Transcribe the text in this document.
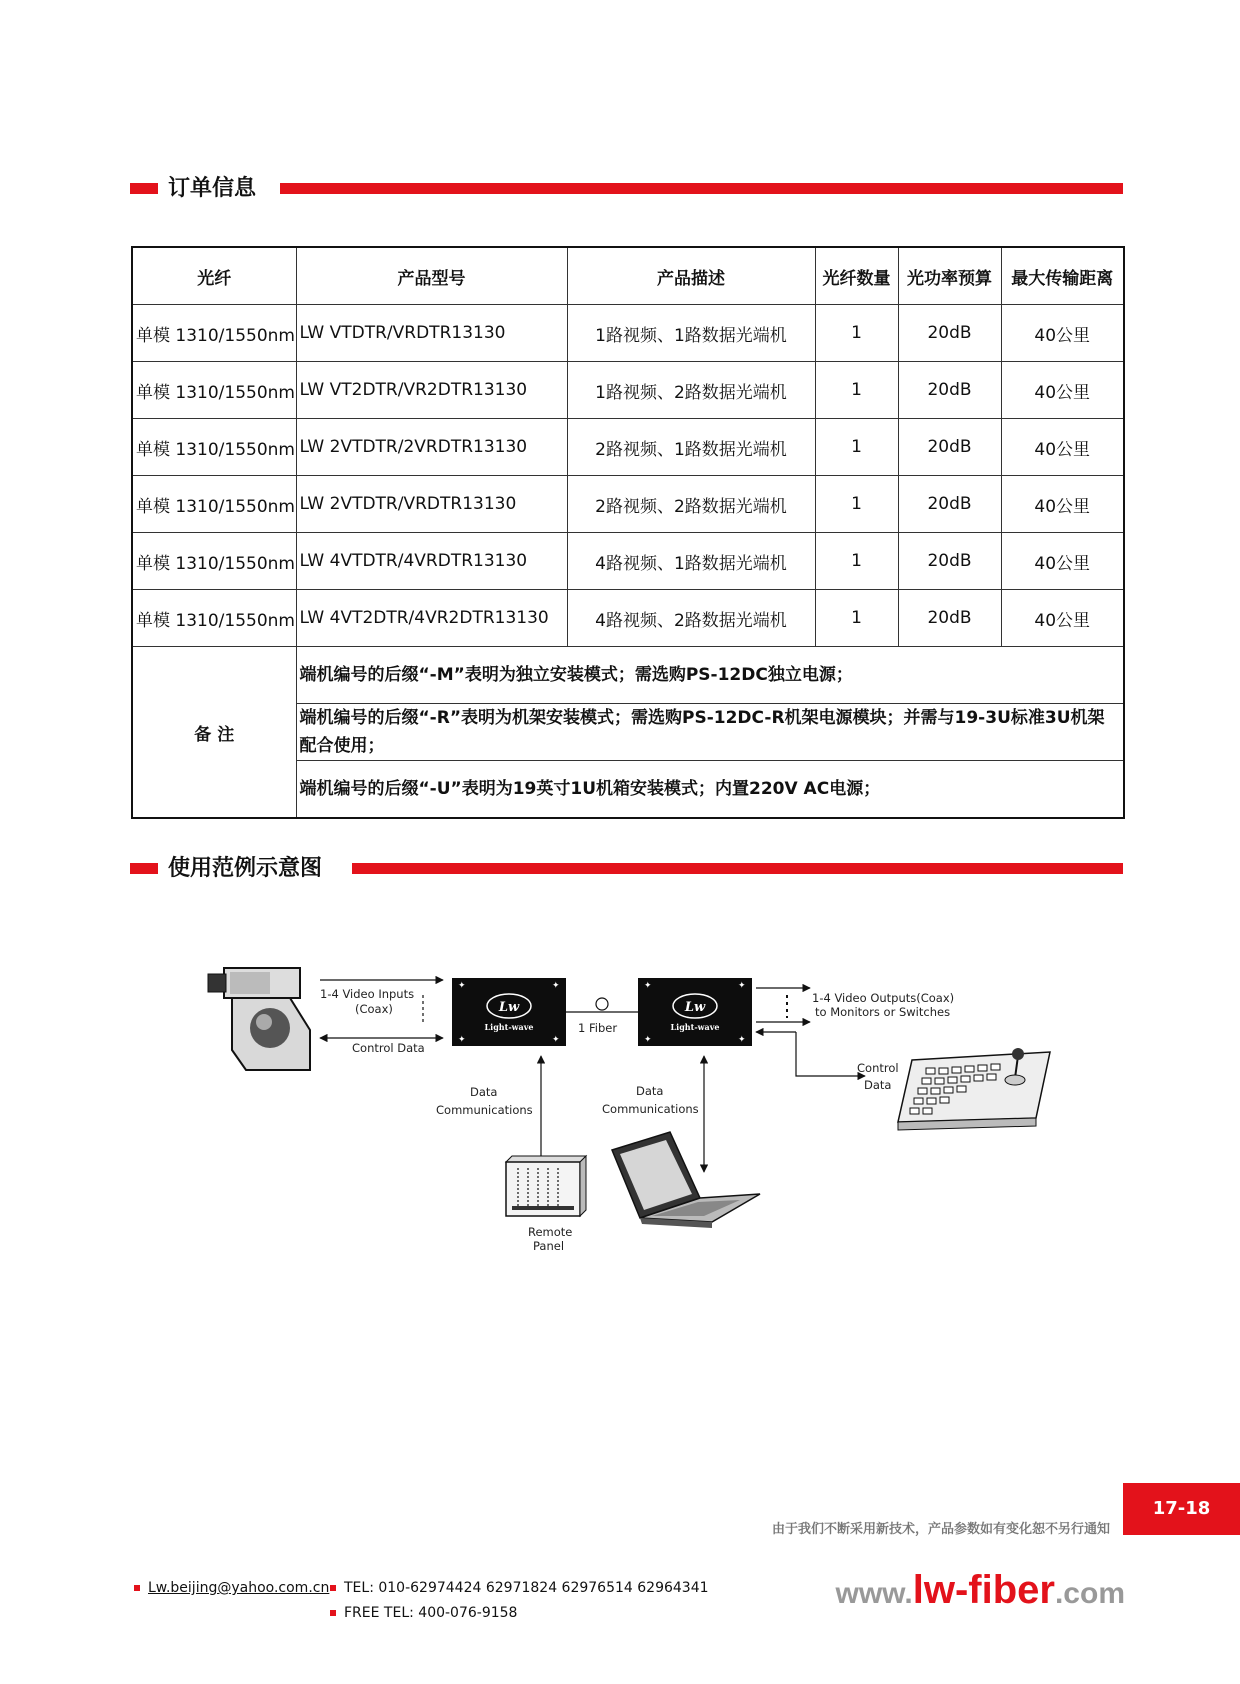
订单信息
光纤	产品型号	产品描述	光纤数量	光功率预算	最大传输距离
单模 1310/1550nm	LW VTDTR/VRDTR13130	1路视频、1路数据光端机	1	20dB	40公里
单模 1310/1550nm	LW VT2DTR/VR2DTR13130	1路视频、2路数据光端机	1	20dB	40公里
单模 1310/1550nm	LW 2VTDTR/2VRDTR13130	2路视频、1路数据光端机	1	20dB	40公里
单模 1310/1550nm	LW 2VTDTR/VRDTR13130	2路视频、2路数据光端机	1	20dB	40公里
单模 1310/1550nm	LW 4VTDTR/4VRDTR13130	4路视频、1路数据光端机	1	20dB	40公里
单模 1310/1550nm	LW 4VT2DTR/4VR2DTR13130	4路视频、2路数据光端机	1	20dB	40公里
备 注	端机编号的后缀“-M”表明为独立安装模式；需选购PS-12DC独立电源；				
	端机编号的后缀“-R”表明为机架安装模式；需选购PS-12DC-R机架电源模块；并需与19-3U标准3U机架配合使用；				
	端机编号的后缀“-U”表明为19英寸1U机箱安装模式；内置220V AC电源；				
使用范例示意图
1-4 Video Inputs
(Coax)
Control Data
✦	✦
✦	✦
Lw
Light-wave	1 Fiber
✦	✦
✦	✦
Lw
Light-wave
1-4 Video Outputs(Coax)
to Monitors or Switches
Control
Data
Data
Communications
Data
Communications
Remote
Panel
17-18
由于我们不断采用新技术，产品参数如有变化恕不另行通知
Lw.beijing@yahoo.com.cn	TEL: 010-62974424 62971824 62976514 62964341
FREE TEL: 400-076-9158
www.lw-fiber.com
